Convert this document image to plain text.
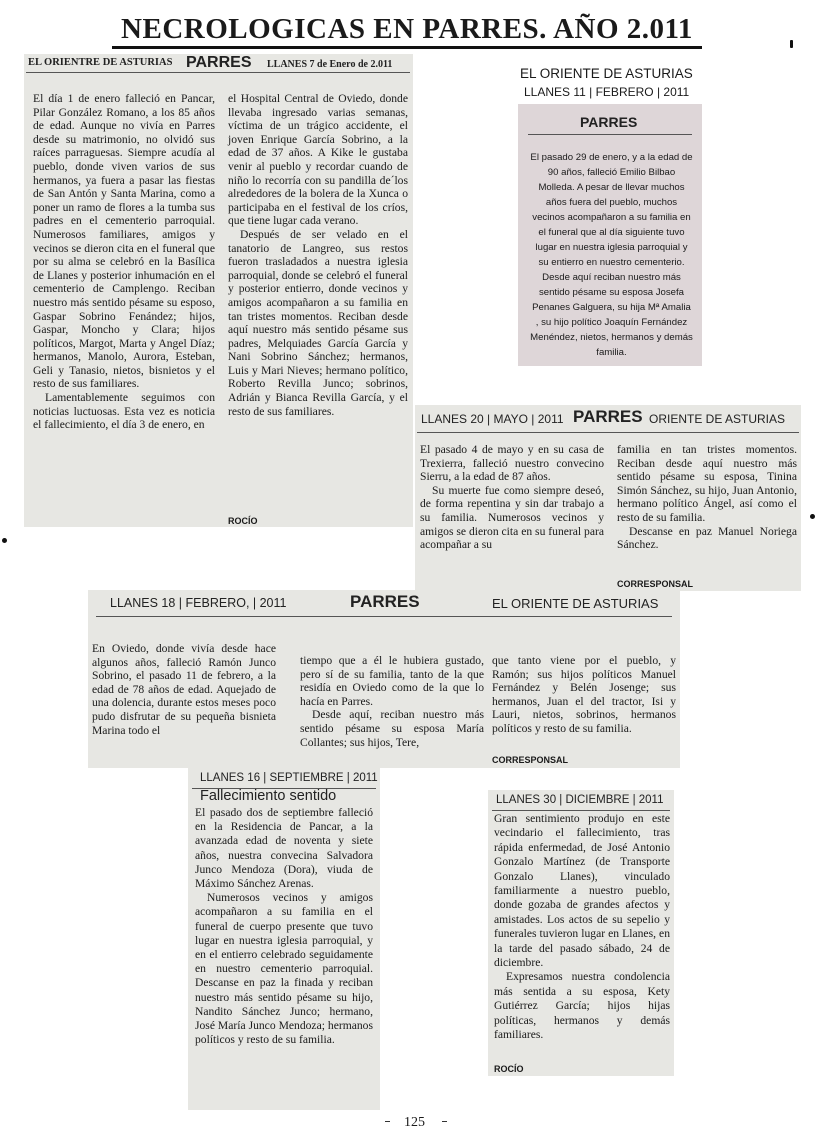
NECROLOGICAS EN PARRES. AÑO 2.011
EL ORIENTRE DE ASTURIAS PARRES LLANES 7 de Enero de 2.011

El día 1 de enero falleció en Pancar, Pilar González Romano, a los 85 años de edad. Aunque no vivía en Parres desde su matrimonio, no olvidó sus raíces parraguesas. Siempre acudía al pueblo, donde viven varios de sus hermanos, ya fuera a pasar las fiestas de San Antón y Santa Marina, como a poner un ramo de flores a la tumba sus padres en el cementerio parroquial. Numerosos familiares, amigos y vecinos se dieron cita en el funeral que por su alma se celebró en la Basílica de Llanes y posterior inhumación en el cementerio de Camplengo. Reciban nuestro más sentido pésame su esposo, Gaspar Sobrino Fenández; hijos, Gaspar, Moncho y Clara; hijos políticos, Margot, Marta y Angel Díaz; hermanos, Manolo, Aurora, Esteban, Geli y Tanasio, nietos, bisnietos y el resto de sus familiares.

Lamentablemente seguimos con noticias luctuosas. Esta vez es noticia el fallecimiento, el día 3 de enero, en

el Hospital Central de Oviedo, donde llevaba ingresado varias semanas, víctima de un trágico accidente, el joven Enrique García Sobrino, a la edad de 37 años. A Kike le gustaba venir al pueblo y recordar cuando de niño lo recorría con su pandilla de´los alrededores de la bolera de la Xunca o participaba en el festival de los críos, que tiene lugar cada verano.

Después de ser velado en el tanatorio de Langreo, sus restos fueron trasladados a nuestra iglesia parroquial, donde se celebró el funeral y posterior entierro, donde vecinos y amigos acompañaron a su familia en tan tristes momentos. Reciban desde aquí nuestro más sentido pésame sus padres, Melquiades García García y Nani Sobrino Sánchez; hermanos, Luis y Mari Nieves; hermano político, Roberto Revilla Junco; sobrinos, Adrián y Bianca Revilla García, y el resto de sus familiares.

ROCÍO
EL ORIENTE DE ASTURIAS
LLANES 11 | FEBRERO | 2011
PARRES

El pasado 29 de enero, y a la edad de 90 años, falleció Emilio Bilbao Molleda. A pesar de llevar muchos años fuera del pueblo, muchos vecinos acompañaron a su familia en el funeral que al día siguiente tuvo lugar en nuestra iglesia parroquial y su entierro en nuestro cementerio. Desde aquí reciban nuestro más sentido pésame su esposa Josefa Penanes Galguera, su hija Mª Amalia , su hijo político Joaquín Fernández Menéndez, nietos, hermanos y demás familia.

LLANES 20 | MAYO | 2011 PARRES ORIENTE DE ASTURIAS

El pasado 4 de mayo y en su casa de Trexierra, falleció nuestro convecino Sierru, a la edad de 87 años.

Su muerte fue como siempre deseó, de forma repentina y sin dar trabajo a su familia. Numerosos vecinos y amigos se dieron cita en su funeral para acompañar a su

familia en tan tristes momentos. Reciban desde aquí nuestro más sentido pésame su esposa, Tinina Simón Sánchez, su hijo, Juan Antonio, hermano político Ángel, así como el resto de su familia.

Descanse en paz Manuel Noriega Sánchez.

CORRESPONSAL
LLANES 18 | FEBRERO, | 2011	PARRES	EL ORIENTE DE ASTURIAS

En Oviedo, donde vivía desde hace algunos años, falleció Ramón Junco Sobrino, el pasado 11 de febrero, a la edad de 78 años de edad. Aquejado de una dolencia, durante estos meses poco pudo disfrutar de su pequeña bisnieta Marina todo el

tiempo que a él le hubiera gustado, pero sí de su familia, tanto de la que residía en Oviedo como de la que lo hacía en Parres.

Desde aquí, reciban nuestro más sentido pésame su esposa María Collantes; sus hijos, Tere,

que tanto viene por el pueblo, y Ramón; sus hijos políticos Manuel Fernández y Belén Josenge; sus hermanos, Juan el del tractor, Isi y Lauri, nietos, sobrinos, hermanos políticos y resto de su familia.

CORRESPONSAL
LLANES 16 | SEPTIEMBRE | 2011
Fallecimiento sentido

El pasado dos de septiembre falleció en la Residencia de Pancar, a la avanzada edad de noventa y siete años, nuestra convecina Salvadora Junco Mendoza (Dora), viuda de Máximo Sánchez Arenas.

Numerosos vecinos y amigos acompañaron a su familia en el funeral de cuerpo presente que tuvo lugar en nuestra iglesia parroquial, y en el entierro celebrado seguidamente en nuestro cementerio parroquial. Descanse en paz la finada y reciban nuestro más sentido pésame su hijo, Nandito Sánchez Junco; hermano, José María Junco Mendoza; hermanos políticos y resto de su familia.

LLANES 30 | DICIEMBRE | 2011

Gran sentimiento produjo en este vecindario el fallecimiento, tras rápida enfermedad, de José Antonio Gonzalo Martínez (de Transporte Gonzalo Llanes), vinculado familiarmente a nuestro pueblo, donde gozaba de grandes afectos y amistades. Los actos de su sepelio y funerales tuvieron lugar en Llanes, en la tarde del pasado sábado, 24 de diciembre.

Expresamos nuestra condolencia más sentida a su esposa, Kety Gutiérrez García; hijos hijas políticas, hermanos y demás familiares.

ROCÍO
125
